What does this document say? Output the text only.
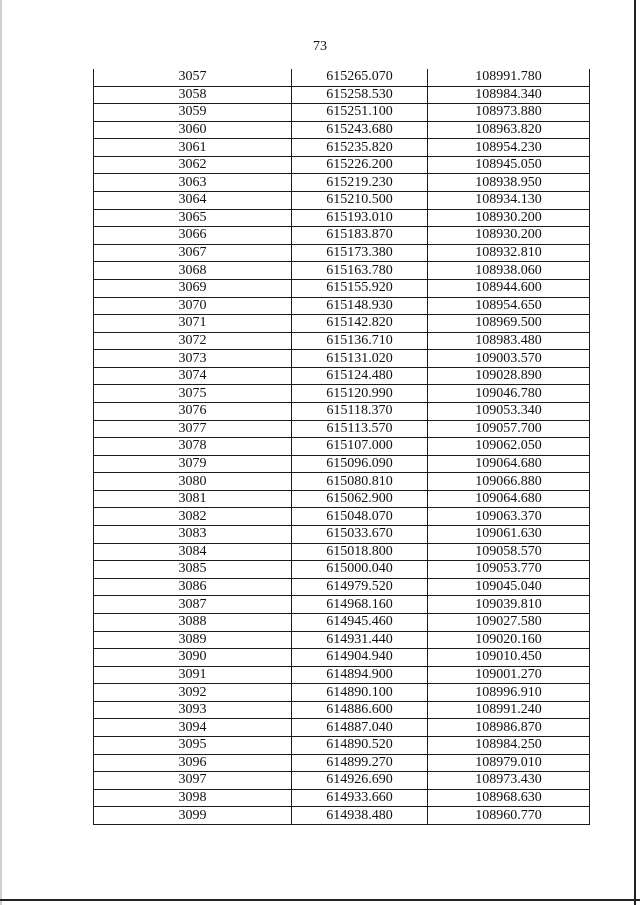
73
3057	615265.070	108991.780
3058	615258.530	108984.340
3059	615251.100	108973.880
3060	615243.680	108963.820
3061	615235.820	108954.230
3062	615226.200	108945.050
3063	615219.230	108938.950
3064	615210.500	108934.130
3065	615193.010	108930.200
3066	615183.870	108930.200
3067	615173.380	108932.810
3068	615163.780	108938.060
3069	615155.920	108944.600
3070	615148.930	108954.650
3071	615142.820	108969.500
3072	615136.710	108983.480
3073	615131.020	109003.570
3074	615124.480	109028.890
3075	615120.990	109046.780
3076	615118.370	109053.340
3077	615113.570	109057.700
3078	615107.000	109062.050
3079	615096.090	109064.680
3080	615080.810	109066.880
3081	615062.900	109064.680
3082	615048.070	109063.370
3083	615033.670	109061.630
3084	615018.800	109058.570
3085	615000.040	109053.770
3086	614979.520	109045.040
3087	614968.160	109039.810
3088	614945.460	109027.580
3089	614931.440	109020.160
3090	614904.940	109010.450
3091	614894.900	109001.270
3092	614890.100	108996.910
3093	614886.600	108991.240
3094	614887.040	108986.870
3095	614890.520	108984.250
3096	614899.270	108979.010
3097	614926.690	108973.430
3098	614933.660	108968.630
3099	614938.480	108960.770
